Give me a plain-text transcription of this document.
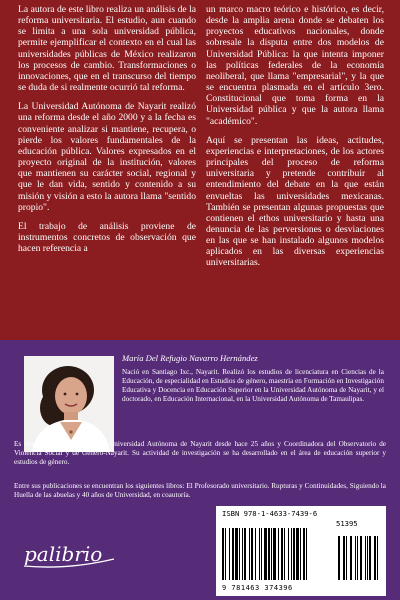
La autora de este libro realiza un análisis de la reforma universitaria. El estudio, aun cuando se limita a una sola universidad pública, permite ejemplificar el contexto en el cual las universidades públicas de México realizaron los procesos de cambio. Transformaciones o innovaciones, que en el transcurso del tiempo se duda de si realmente ocurrió tal reforma.

La Universidad Autónoma de Nayarit realizó una reforma desde el año 2000 y a la fecha es conveniente analizar si mantiene, recupera, o pierde los valores fundamentales de la educación pública. Valores expresados en el proyecto original de la institución, valores que mantienen su carácter social, regional y que le dan vida, sentido y contenido a su misión y visión a esto la autora llama "sentido propio".

El trabajo de análisis proviene de instrumentos concretos de observación que hacen referencia a

un marco macro teórico e histórico, es decir, desde la amplia arena donde se debaten los proyectos educativos nacionales, donde sobresale la disputa entre dos modelos de Universidad Pública: la que intenta imponer las políticas federales de la economía neoliberal, que llama "empresarial", y la que se encuentra plasmada en el artículo 3ero. Constitucional que toma forma en la Universidad pública y que la autora llama "académico".

Aquí se presentan las ideas, actitudes, experiencias e interpretaciones, de los actores principales del proceso de reforma universitaria y pretende contribuir al entendimiento del debate en la que están envueltas las universidades mexicanas. También se presentan algunas propuestas que contienen el ethos universitario y hasta una denuncia de las perversiones o desviaciones en las que se han instalado algunos modelos aplicados en las diversas experiencias universitarias.

María Del Refugio Navarro Hernández

Nació en Santiago Ixc., Nayarit. Realizó los estudios de licenciatura en Ciencias de la Educación, de especialidad en Estudios de género, maestría en Formación en Investigación Educativa y Docencia en Educación Superior en la Universidad Autónoma de Nayarit, y el doctorado, en Educación Internacional, en la Universidad Autónoma de Tamaulipas.

Es docente-investigadora de la Universidad Autónoma de Nayarit desde hace 25 años y Coordinadora del Observatorio de Violencia Social y de Género-Nayarit. Su actividad de investigación se ha desarrollado en el área de educación superior y estudios de género.

Entre sus publicaciones se encuentran los siguientes libros: El Profesorado universitario. Rupturas y Continuidades, Siguiendo la Huella de las abuelas y 40 años de Universidad, en coautoría.

palibrio
ISBN 978-1-4633-7439-6
51395
9 781463 374396
